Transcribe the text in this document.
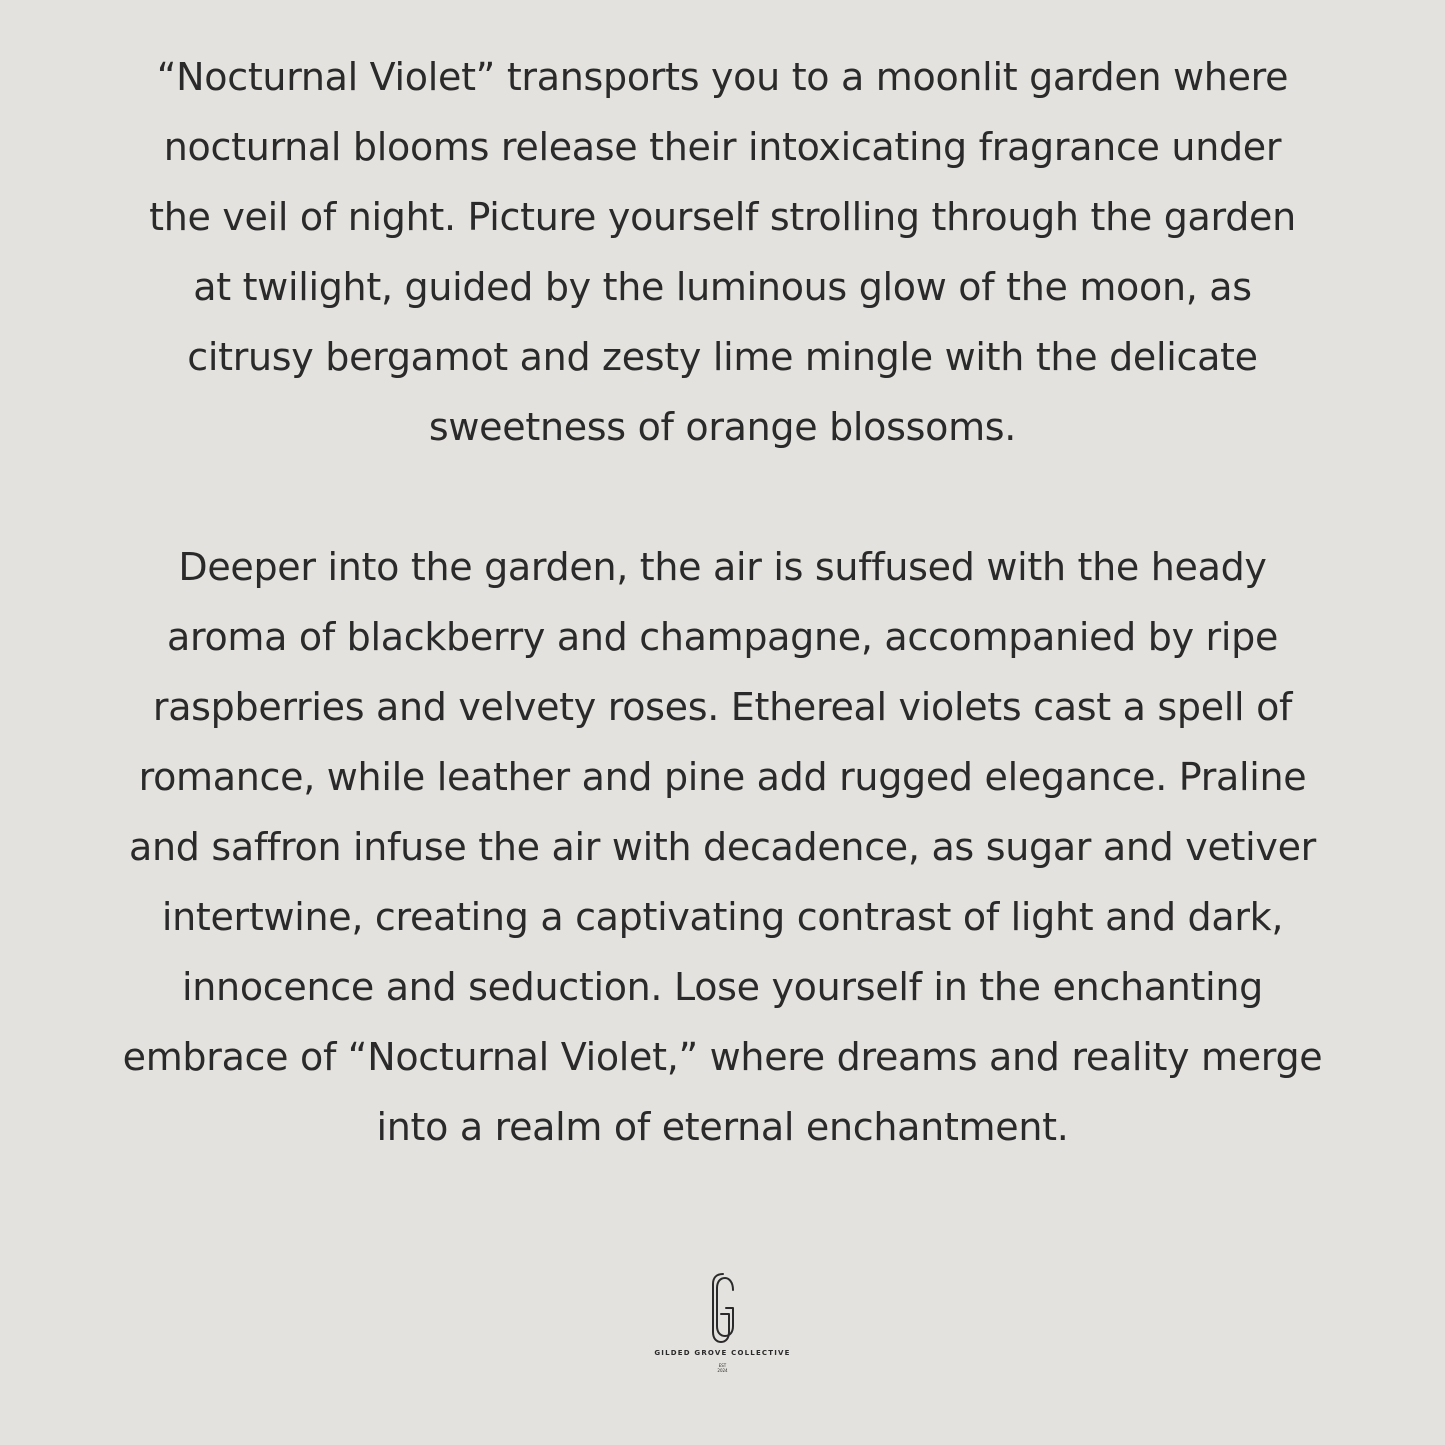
“Nocturnal Violet” transports you to a moonlit garden where
nocturnal blooms release their intoxicating fragrance under
the veil of night. Picture yourself strolling through the garden
at twilight, guided by the luminous glow of the moon, as
citrusy bergamot and zesty lime mingle with the delicate
sweetness of orange blossoms.
Deeper into the garden, the air is suffused with the heady
aroma of blackberry and champagne, accompanied by ripe
raspberries and velvety roses. Ethereal violets cast a spell of
romance, while leather and pine add rugged elegance. Praline
and saffron infuse the air with decadence, as sugar and vetiver
intertwine, creating a captivating contrast of light and dark,
innocence and seduction. Lose yourself in the enchanting
embrace of “Nocturnal Violet,” where dreams and reality merge
into a realm of eternal enchantment.
GILDED GROVE COLLECTIVE
EST
2024
